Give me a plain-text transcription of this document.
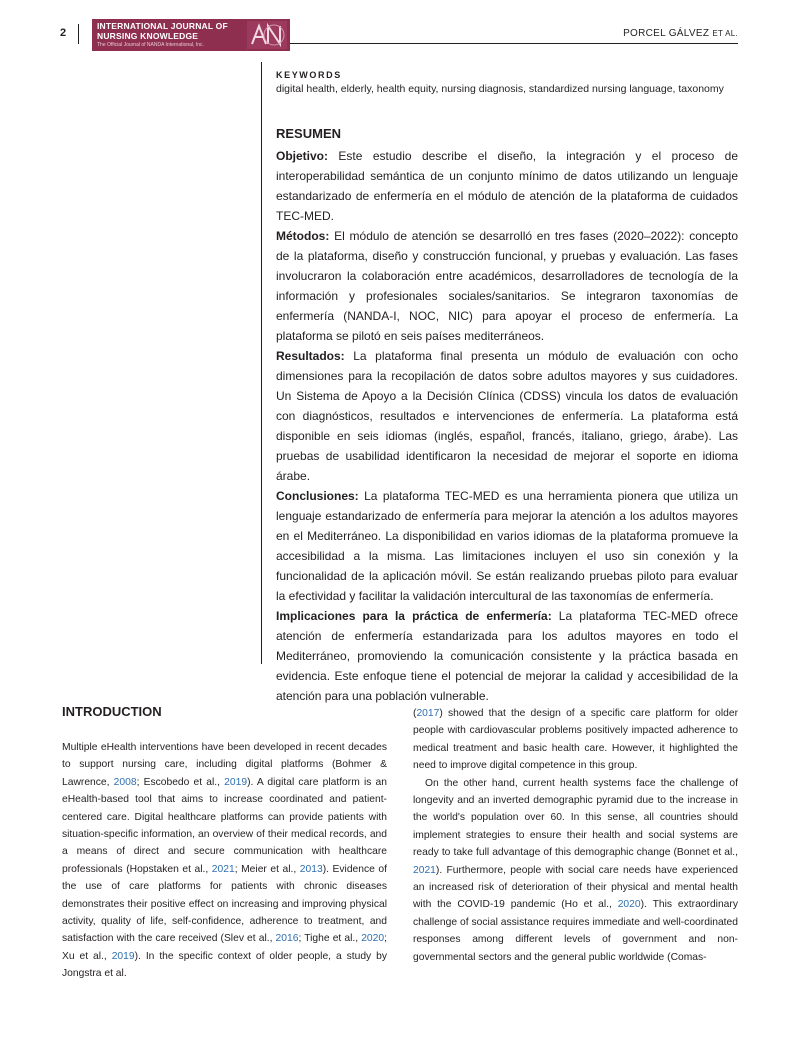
2
INTERNATIONAL JOURNAL OF
NURSING KNOWLEDGE
The Official Journal of NANDA International, Inc.
PORCEL GÁLVEZ ET AL.
KEYWORDS
digital health, elderly, health equity, nursing diagnosis, standardized nursing language, taxonomy
RESUMEN

Objetivo: Este estudio describe el diseño, la integración y el proceso de interoperabilidad semántica de un conjunto mínimo de datos utilizando un lenguaje estandarizado de enfermería en el módulo de atención de la plataforma de cuidados TEC-MED.

Métodos: El módulo de atención se desarrolló en tres fases (2020–2022): concepto de la plataforma, diseño y construcción funcional, y pruebas y evaluación. Las fases involucraron la colaboración entre académicos, desarrolladores de tecnología de la información y profesionales sociales/sanitarios. Se integraron taxonomías de enfermería (NANDA-I, NOC, NIC) para apoyar el proceso de enfermería. La plataforma se pilotó en seis países mediterráneos.

Resultados: La plataforma final presenta un módulo de evaluación con ocho dimensiones para la recopilación de datos sobre adultos mayores y sus cuidadores. Un Sistema de Apoyo a la Decisión Clínica (CDSS) vincula los datos de evaluación con diagnósticos, resultados e intervenciones de enfermería. La plataforma está disponible en seis idiomas (inglés, español, francés, italiano, griego, árabe). Las pruebas de usabilidad identificaron la necesidad de mejorar el soporte en idioma árabe.

Conclusiones: La plataforma TEC-MED es una herramienta pionera que utiliza un lenguaje estandarizado de enfermería para mejorar la atención a los adultos mayores en el Mediterráneo. La disponibilidad en varios idiomas de la plataforma promueve la accesibilidad a la misma. Las limitaciones incluyen el uso sin conexión y la funcionalidad de la aplicación móvil. Se están realizando pruebas piloto para evaluar la efectividad y facilitar la validación intercultural de las taxonomías de enfermería.

Implicaciones para la práctica de enfermería: La plataforma TEC-MED ofrece atención de enfermería estandarizada para los adultos mayores en todo el Mediterráneo, promoviendo la comunicación consistente y la práctica basada en evidencia. Este enfoque tiene el potencial de mejorar la calidad y accesibilidad de la atención para una población vulnerable.

INTRODUCTION

Multiple eHealth interventions have been developed in recent decades to support nursing care, including digital platforms (Bohmer & Lawrence, 2008; Escobedo et al., 2019). A digital care platform is an eHealth-based tool that aims to increase coordinated and patient-centered care. Digital healthcare platforms can provide patients with situation-specific information, an overview of their medical records, and a means of direct and secure communication with healthcare professionals (Hopstaken et al., 2021; Meier et al., 2013). Evidence of the use of care platforms for patients with chronic diseases demonstrates their positive effect on increasing and improving physical activity, quality of life, self-confidence, adherence to treatment, and satisfaction with the care received (Slev et al., 2016; Tighe et al., 2020; Xu et al., 2019). In the specific context of older people, a study by Jongstra et al.

(2017) showed that the design of a specific care platform for older people with cardiovascular problems positively impacted adherence to medical treatment and basic health care. However, it highlighted the need to improve digital competence in this group.

On the other hand, current health systems face the challenge of longevity and an inverted demographic pyramid due to the increase in the world's population over 60. In this sense, all countries should implement strategies to ensure their health and social systems are ready to take full advantage of this demographic change (Bonnet et al., 2021). Furthermore, people with social care needs have experienced an increased risk of deterioration of their physical and mental health with the COVID-19 pandemic (Ho et al., 2020). This extraordinary challenge of social assistance requires immediate and well-coordinated responses among different levels of government and non-governmental sectors and the general public worldwide (Comas-
